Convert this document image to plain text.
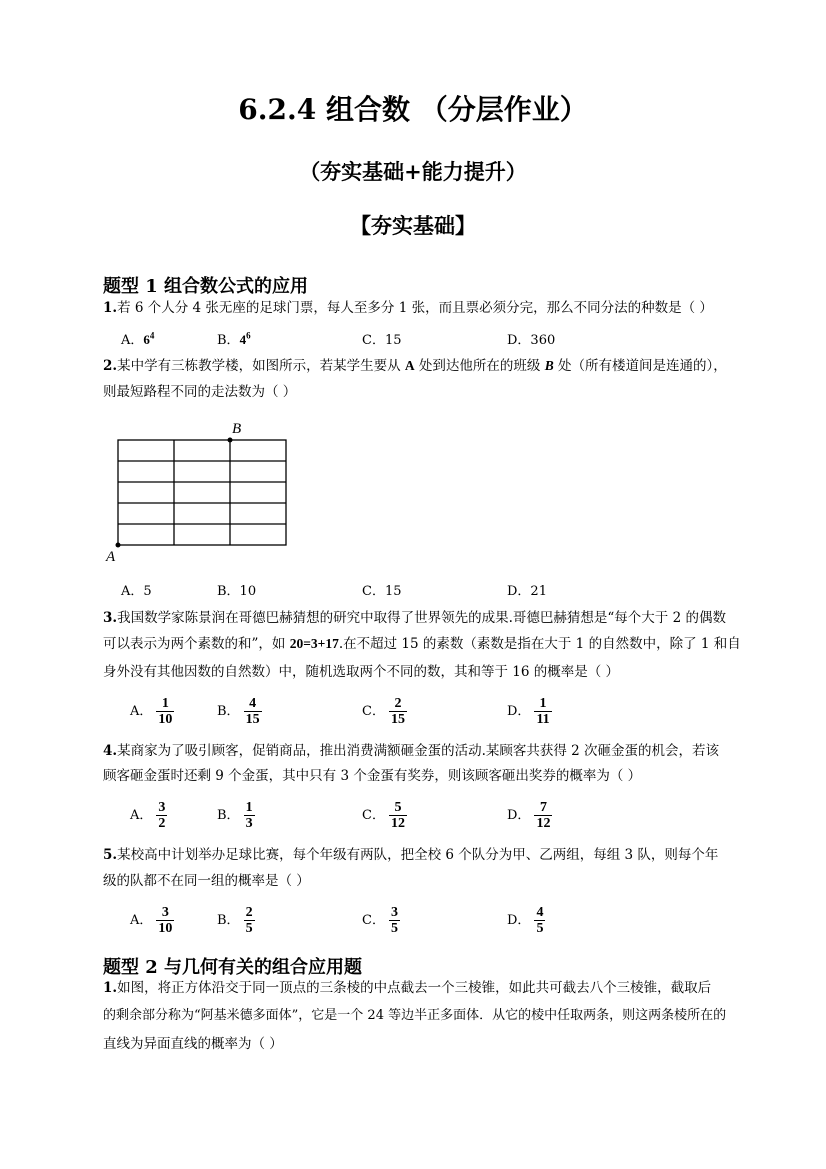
6.2.4 组合数 （分层作业）
（夯实基础+能力提升）
【夯实基础】
题型 1 组合数公式的应用
1.若 6 个人分 4 张无座的足球门票，每人至多分 1 张，而且票必须分完，那么不同分法的种数是（ ）
A．$6^4$	B．$4^6$	C．15	D．360
2.某中学有三栋教学楼，如图所示，若某学生要从 A 处到达他所在的班级 B 处（所有楼道间是连通的），
则最短路程不同的走法数为（ ）
A
B
A．5	B．10	C．15	D．21
3.我国数学家陈景润在哥德巴赫猜想的研究中取得了世界领先的成果.哥德巴赫猜想是“每个大于 2 的偶数
可以表示为两个素数的和”，如 20=3+17.在不超过 15 的素数（素数是指在大于 1 的自然数中，除了 1 和自
身外没有其他因数的自然数）中，随机选取两个不同的数，其和等于 16 的概率是（ ）
A． $\frac{1}{10}$	B． $\frac{4}{15}$	C． $\frac{2}{15}$	D． $\frac{1}{11}$
4.某商家为了吸引顾客，促销商品，推出消费满额砸金蛋的活动.某顾客共获得 2 次砸金蛋的机会，若该
顾客砸金蛋时还剩 9 个金蛋，其中只有 3 个金蛋有奖券，则该顾客砸出奖券的概率为（ ）
A． $\frac{3}{2}$	B． $\frac{1}{3}$	C． $\frac{5}{12}$	D． $\frac{7}{12}$
5.某校高中计划举办足球比赛，每个年级有两队，把全校 6 个队分为甲、乙两组，每组 3 队，则每个年
级的队都不在同一组的概率是（ ）
A． $\frac{3}{10}$	B． $\frac{2}{5}$	C． $\frac{3}{5}$	D． $\frac{4}{5}$
题型 2 与几何有关的组合应用题
1.如图，将正方体沿交于同一顶点的三条棱的中点截去一个三棱锥，如此共可截去八个三棱锥，截取后
的剩余部分称为“阿基米德多面体”，它是一个 24 等边半正多面体．从它的棱中任取两条，则这两条棱所在的
直线为异面直线的概率为（ ）
